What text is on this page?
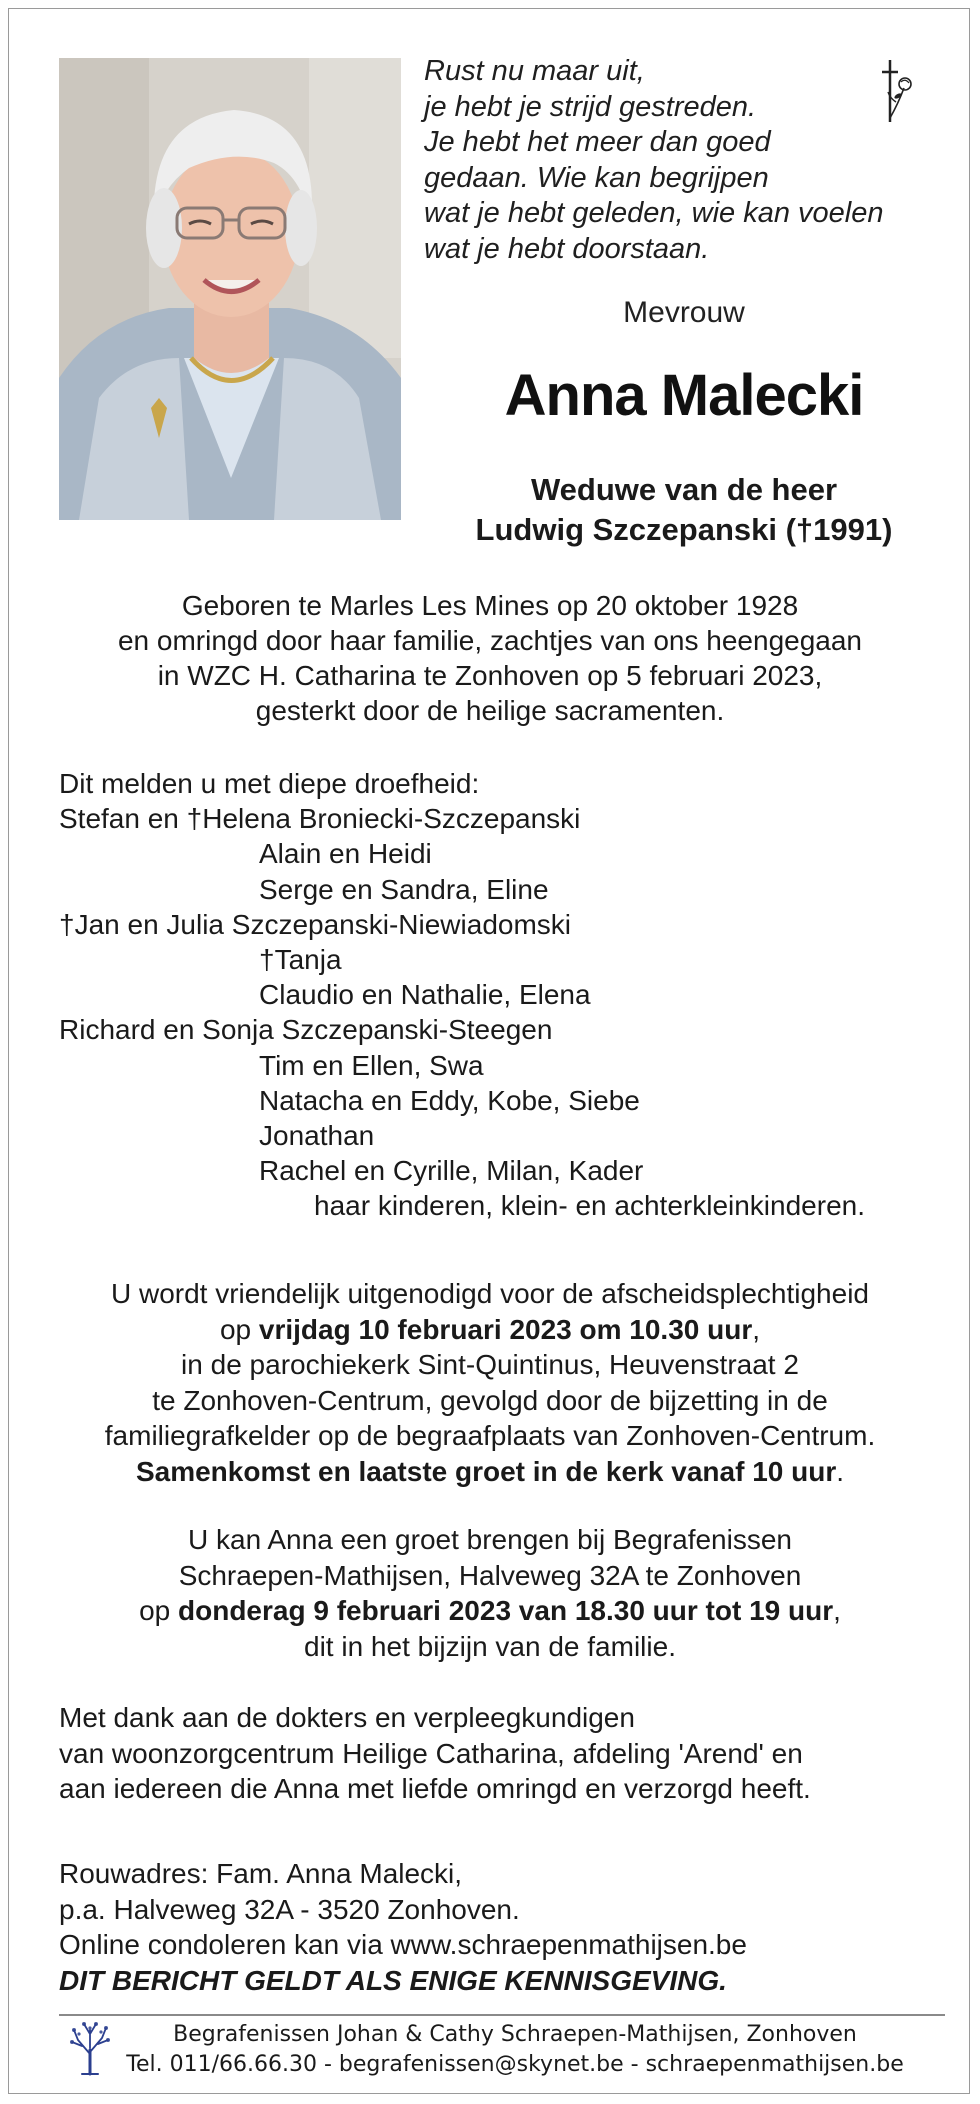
Rust nu maar uit,
je hebt je strijd gestreden.
Je hebt het meer dan goed
gedaan. Wie kan begrijpen
wat je hebt geleden, wie kan voelen
wat je hebt doorstaan.
Mevrouw
Anna Malecki
Weduwe van de heer
Ludwig Szczepanski (†1991)
Geboren te Marles Les Mines op 20 oktober 1928
en omringd door haar familie, zachtjes van ons heengegaan
in WZC H. Catharina te Zonhoven op 5 februari 2023,
gesterkt door de heilige sacramenten.
Dit melden u met diepe droefheid:
Stefan en †Helena Broniecki-Szczepanski
Alain en Heidi
Serge en Sandra, Eline
†Jan en Julia Szczepanski-Niewiadomski
†Tanja
Claudio en Nathalie, Elena
Richard en Sonja Szczepanski-Steegen
Tim en Ellen, Swa
Natacha en Eddy, Kobe, Siebe
Jonathan
Rachel en Cyrille, Milan, Kader
haar kinderen, klein- en achterkleinkinderen.
U wordt vriendelijk uitgenodigd voor de afscheidsplechtigheid
op vrijdag 10 februari 2023 om 10.30 uur,
in de parochiekerk Sint-Quintinus, Heuvenstraat 2
te Zonhoven-Centrum, gevolgd door de bijzetting in de
familiegrafkelder op de begraafplaats van Zonhoven-Centrum.
Samenkomst en laatste groet in de kerk vanaf 10 uur.
U kan Anna een groet brengen bij Begrafenissen
Schraepen-Mathijsen, Halveweg 32A te Zonhoven
op donderag 9 februari 2023 van 18.30 uur tot 19 uur,
dit in het bijzijn van de familie.
Met dank aan de dokters en verpleegkundigen
van woonzorgcentrum Heilige Catharina, afdeling 'Arend' en
aan iedereen die Anna met liefde omringd en verzorgd heeft.
Rouwadres: Fam. Anna Malecki,
p.a. Halveweg 32A - 3520 Zonhoven.
Online condoleren kan via www.schraepenmathijsen.be
DIT BERICHT GELDT ALS ENIGE KENNISGEVING.
Begrafenissen Johan & Cathy Schraepen-Mathijsen, Zonhoven
Tel. 011/66.66.30 - begrafenissen@skynet.be - schraepenmathijsen.be
